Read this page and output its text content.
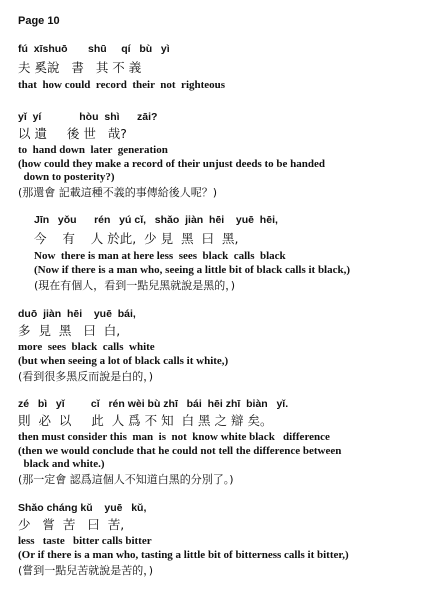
Page 10
fú  xīshuō       shū     qí   bù   yì
夫 奚說   書   其 不 義
that  how could  record  their  not  righteous
yǐ  yí             hòu  shì      zāi?
以 遺     後 世   哉?
to  hand down  later  generation
(how could they make a record of their unjust deeds to be handed
down to posterity?)
(那還會 記載這種不義的事傳給後人呢？)
Jīn   yǒu      rén   yú cǐ,   shǎo  jiàn  hēi    yuē  hēi,
今    有    人 於此,  少 見  黑  曰  黑,
Now  there is man at here less  sees  black  calls  black
(Now if there is a man who, seeing a little bit of black calls it black,)
(現在有個人，看到一點兒黑就說是黑的，)
duō  jiàn  hēi    yuē  bái,
多  見  黑   曰  白,
more  sees  black  calls  white
(but when seeing a lot of black calls it white,)
(看到很多黑反而說是白的，)
zé   bì   yǐ         cǐ   rén wèi bù zhī   bái  hēi zhī  biàn   yǐ.
則  必  以     此  人 爲 不 知  白 黑 之 辯 矣。
then must consider this  man  is  not  know white black   difference
(then we would conclude that he could not tell the difference between
black and white.)
(那一定會 認爲這個人不知道白黑的分別了。)
Shǎo cháng kǔ    yuē   kǔ,
少   嘗  苦   曰  苦,
less   taste   bitter calls bitter
(Or if there is a man who, tasting a little bit of bitterness calls it bitter,)
(嘗到一點兒苦就說是苦的，)
